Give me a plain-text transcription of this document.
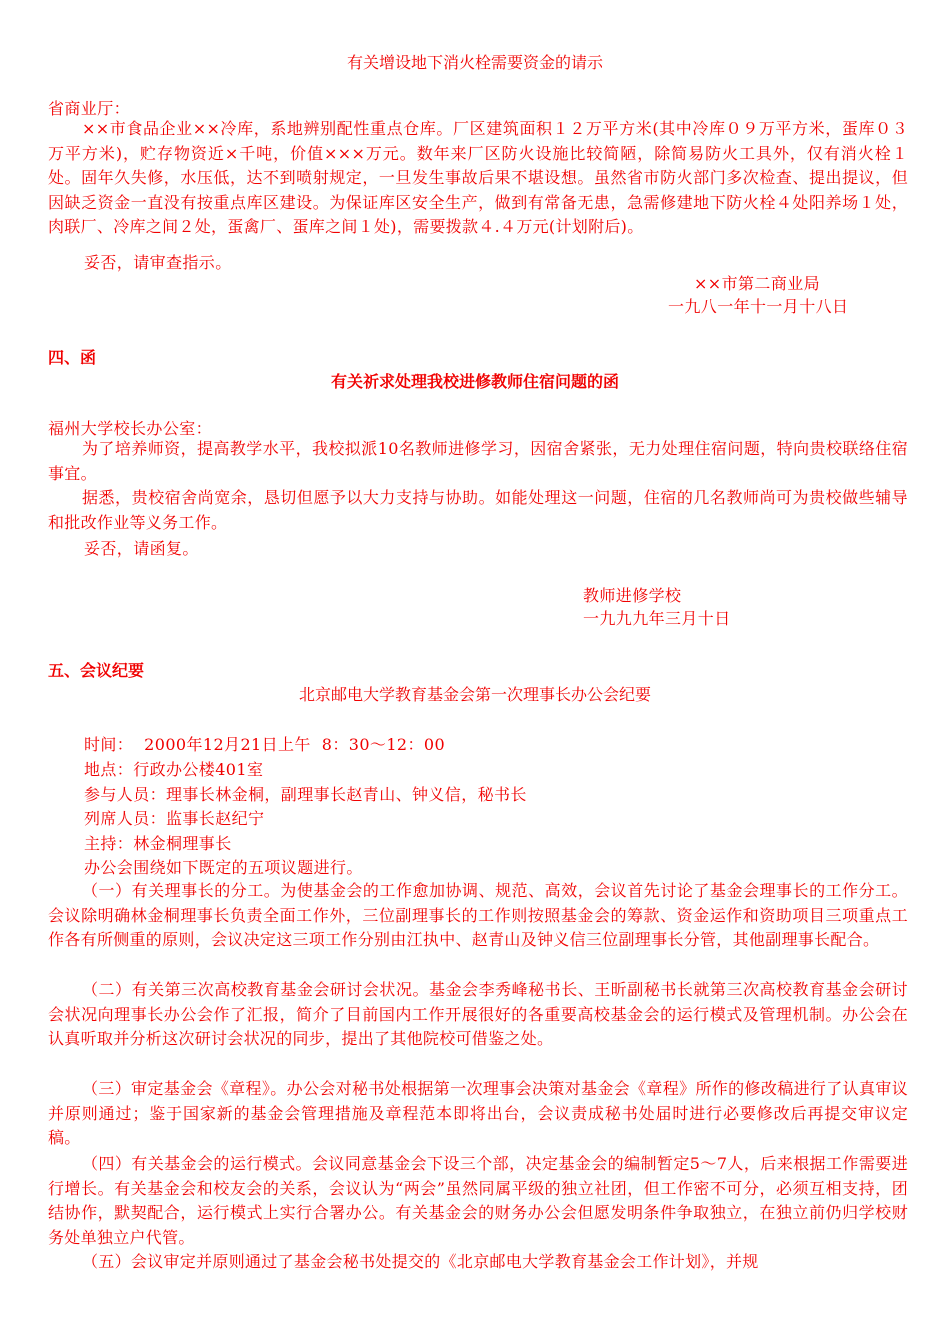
有关增设地下消火栓需要资金的请示
省商业厅：
××市食品企业××冷库，系地辨别配性重点仓库。厂区建筑面积１２万平方米(其中冷库０９万平方米，蛋库０３万平方米)，贮存物资近×千吨，价值×××万元。数年来厂区防火设施比较简陋，除简易防火工具外，仅有消火栓１处。固年久失修，水压低，达不到喷射规定，一旦发生事故后果不堪设想。虽然省市防火部门多次检查、提出提议，但因缺乏资金一直没有按重点库区建设。为保证库区安全生产，做到有常备无患，急需修建地下防火栓４处阳养场１处，肉联厂、冷库之间２处，蛋禽厂、蛋库之间１处)，需要拨款４.４万元(计划附后)。
妥否，请审查指示。
××市第二商业局
一九八一年十一月十八日
四、函
有关祈求处理我校进修教师住宿问题的函
福州大学校长办公室：
为了培养师资，提高教学水平，我校拟派10名教师进修学习，因宿舍紧张，无力处理住宿问题，特向贵校联络住宿事宜。
据悉，贵校宿舍尚宽余，恳切但愿予以大力支持与协助。如能处理这一问题，住宿的几名教师尚可为贵校做些辅导和批改作业等义务工作。
妥否，请函复。
教师进修学校
一九九九年三月十日
五、会议纪要
北京邮电大学教育基金会第一次理事长办公会纪要
时间：  2000年12月21日上午  8：30～12：00
地点：行政办公楼401室
参与人员：理事长林金桐，副理事长赵青山、钟义信，秘书长
列席人员：监事长赵纪宁
主持：林金桐理事长
办公会围绕如下既定的五项议题进行。
（一）有关理事长的分工。为使基金会的工作愈加协调、规范、高效，会议首先讨论了基金会理事长的工作分工。会议除明确林金桐理事长负责全面工作外，三位副理事长的工作则按照基金会的筹款、资金运作和资助项目三项重点工作各有所侧重的原则，会议决定这三项工作分别由江执中、赵青山及钟义信三位副理事长分管，其他副理事长配合。
（二）有关第三次高校教育基金会研讨会状况。基金会李秀峰秘书长、王昕副秘书长就第三次高校教育基金会研讨会状况向理事长办公会作了汇报，简介了目前国内工作开展很好的各重要高校基金会的运行模式及管理机制。办公会在认真听取并分析这次研讨会状况的同步，提出了其他院校可借鉴之处。
（三）审定基金会《章程》。办公会对秘书处根据第一次理事会决策对基金会《章程》所作的修改稿进行了认真审议并原则通过；鉴于国家新的基金会管理措施及章程范本即将出台，会议责成秘书处届时进行必要修改后再提交审议定稿。
（四）有关基金会的运行模式。会议同意基金会下设三个部，决定基金会的编制暂定5～7人，后来根据工作需要进行增长。有关基金会和校友会的关系，会议认为“两会”虽然同属平级的独立社团，但工作密不可分，必须互相支持，团结协作，默契配合，运行模式上实行合署办公。有关基金会的财务办公会但愿发明条件争取独立，在独立前仍归学校财务处单独立户代管。
（五）会议审定并原则通过了基金会秘书处提交的《北京邮电大学教育基金会工作计划》，并规
